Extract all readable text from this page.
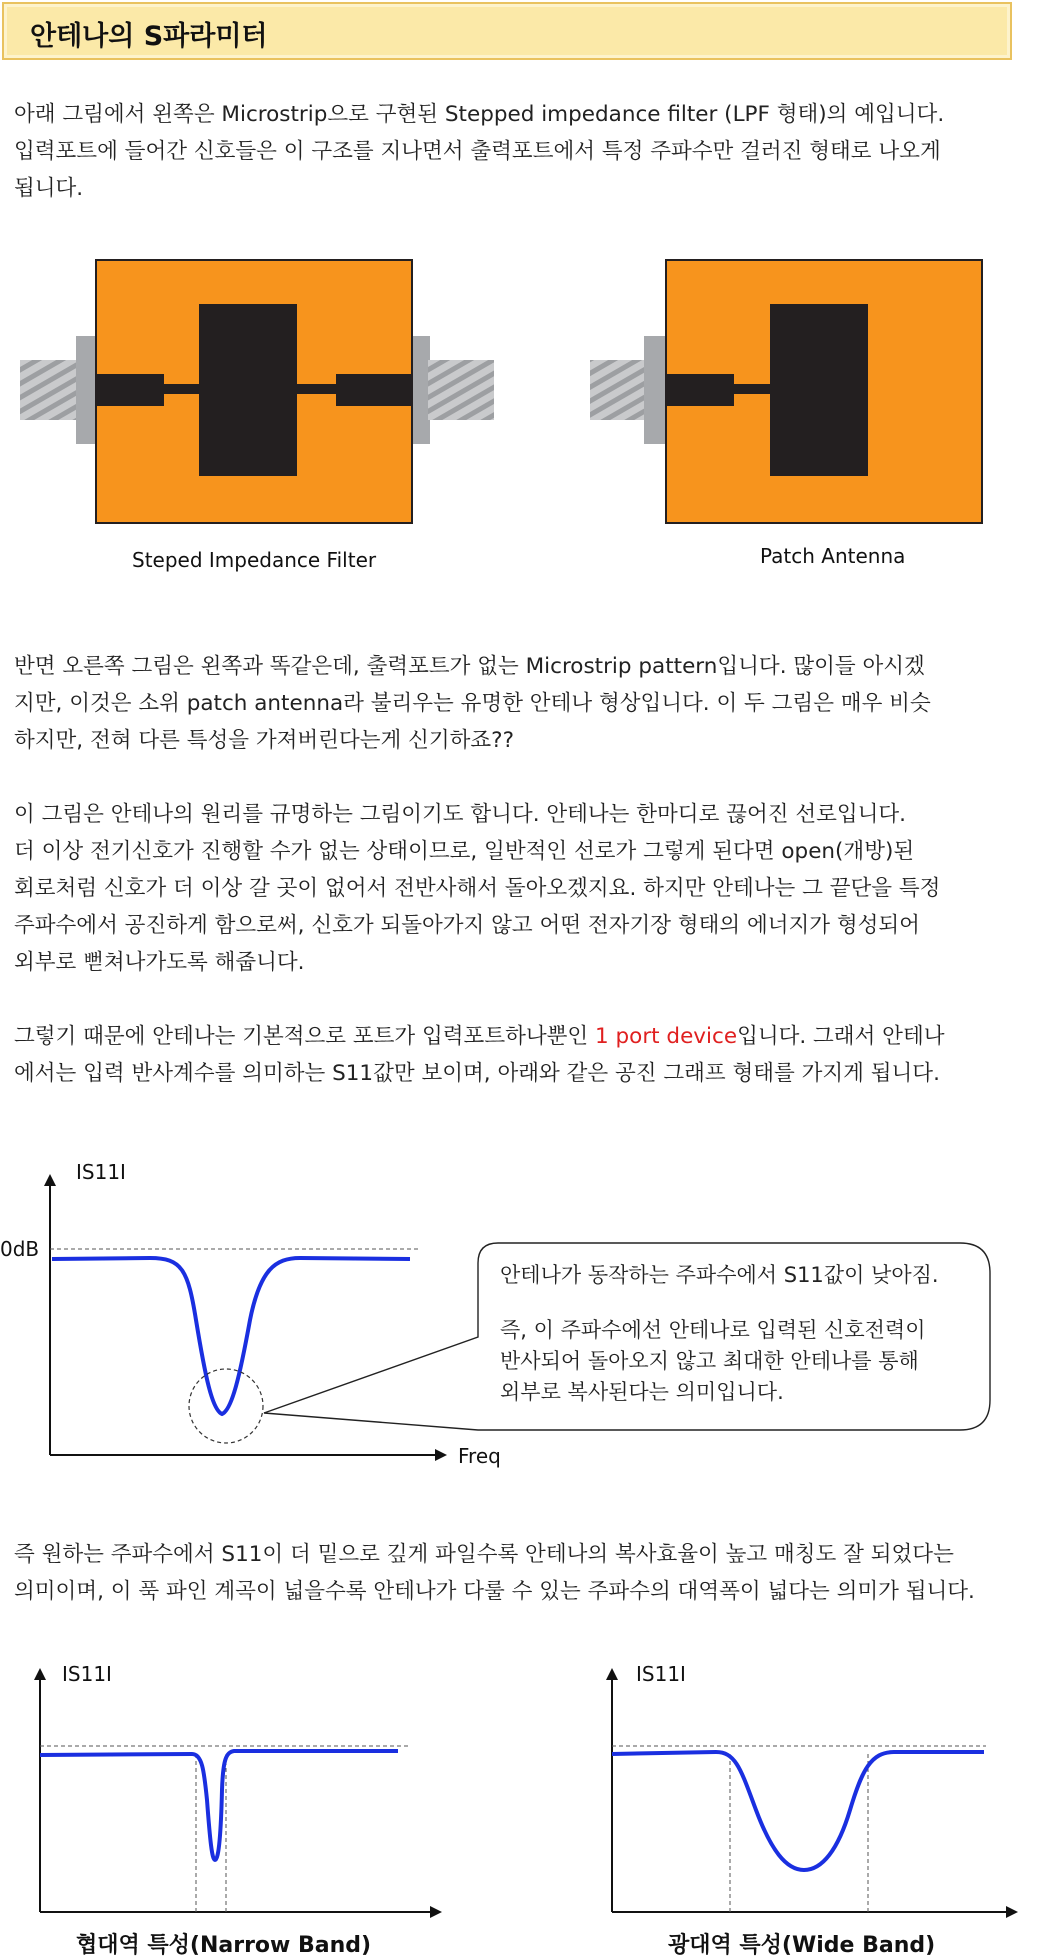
안테나의 S파라미터
아래 그림에서 왼쪽은 Microstrip으로 구현된 Stepped impedance filter (LPF 형태)의 예입니다.
입력포트에 들어간 신호들은 이 구조를 지나면서 출력포트에서 특정 주파수만 걸러진 형태로 나오게
됩니다.
Steped Impedance Filter	Patch Antenna
반면 오른쪽 그림은 왼쪽과 똑같은데, 출력포트가 없는 Microstrip pattern입니다. 많이들 아시겠
지만, 이것은 소위 patch antenna라 불리우는 유명한 안테나 형상입니다. 이 두 그림은 매우 비슷
하지만, 전혀 다른 특성을 가져버린다는게 신기하죠??
이 그림은 안테나의 원리를 규명하는 그림이기도 합니다. 안테나는 한마디로 끊어진 선로입니다.
더 이상 전기신호가 진행할 수가 없는 상태이므로, 일반적인 선로가 그렇게 된다면 open(개방)된
회로처럼 신호가 더 이상 갈 곳이 없어서 전반사해서 돌아오겠지요. 하지만 안테나는 그 끝단을 특정
주파수에서 공진하게 함으로써, 신호가 되돌아가지 않고 어떤 전자기장 형태의 에너지가 형성되어
외부로 뻗쳐나가도록 해줍니다.
그렇기 때문에 안테나는 기본적으로 포트가 입력포트하나뿐인 1 port device입니다. 그래서 안테나
에서는 입력 반사계수를 의미하는 S11값만 보이며, 아래와 같은 공진 그래프 형태를 가지게 됩니다.
ⅠS11Ⅰ
0dB
Freq
안테나가 동작하는 주파수에서 S11값이 낮아짐.
즉, 이 주파수에선 안테나로 입력된 신호전력이
반사되어 돌아오지 않고 최대한 안테나를 통해
외부로 복사된다는 의미입니다.
즉 원하는 주파수에서 S11이 더 밑으로 깊게 파일수록 안테나의 복사효율이 높고 매칭도 잘 되었다는
의미이며, 이 푹 파인 계곡이 넓을수록 안테나가 다룰 수 있는 주파수의 대역폭이 넓다는 의미가 됩니다.
ⅠS11Ⅰ
협대역 특성(Narrow Band)
ⅠS11Ⅰ
광대역 특성(Wide Band)
